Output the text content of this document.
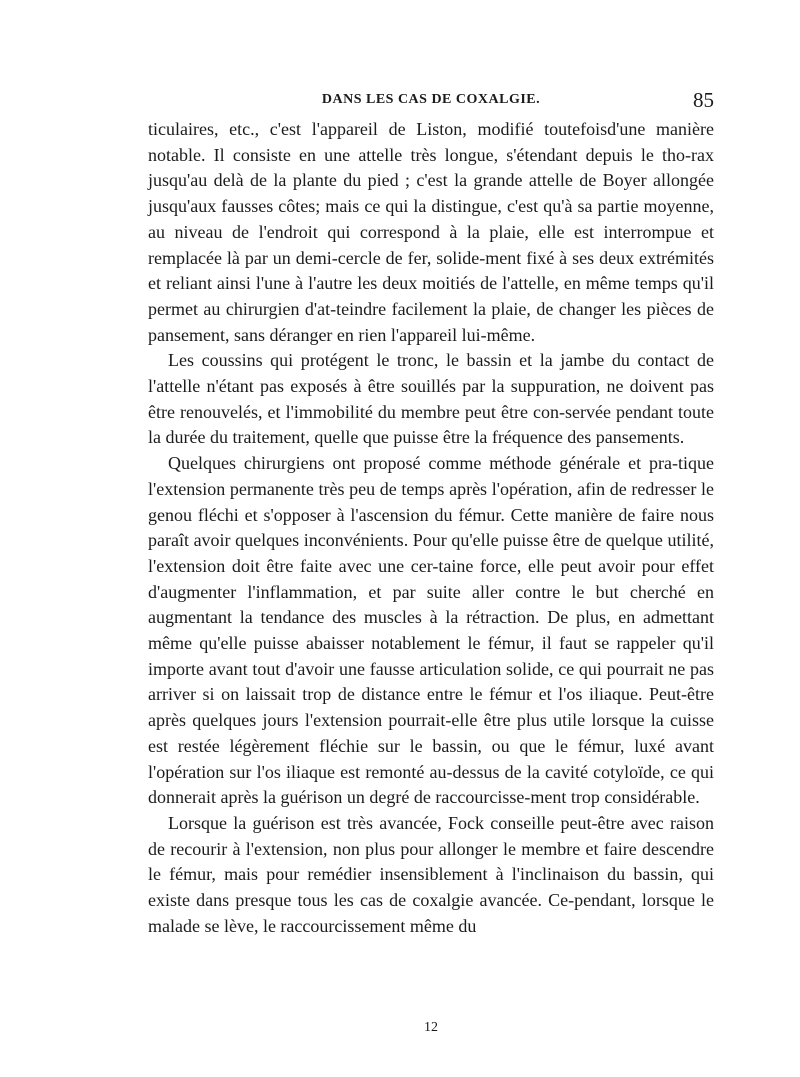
DANS LES CAS DE COXALGIE.	85

ticulaires, etc., c'est l'appareil de Liston, modifié toutefoisd'une manière notable. Il consiste en une attelle très longue, s'étendant depuis le tho-rax jusqu'au delà de la plante du pied ; c'est la grande attelle de Boyer allongée jusqu'aux fausses côtes; mais ce qui la distingue, c'est qu'à sa partie moyenne, au niveau de l'endroit qui correspond à la plaie, elle est interrompue et remplacée là par un demi-cercle de fer, solide-ment fixé à ses deux extrémités et reliant ainsi l'une à l'autre les deux moitiés de l'attelle, en même temps qu'il permet au chirurgien d'at-teindre facilement la plaie, de changer les pièces de pansement, sans déranger en rien l'appareil lui-même.

Les coussins qui protégent le tronc, le bassin et la jambe du contact de l'attelle n'étant pas exposés à être souillés par la suppuration, ne doivent pas être renouvelés, et l'immobilité du membre peut être con-servée pendant toute la durée du traitement, quelle que puisse être la fréquence des pansements.

Quelques chirurgiens ont proposé comme méthode générale et pra-tique l'extension permanente très peu de temps après l'opération, afin de redresser le genou fléchi et s'opposer à l'ascension du fémur. Cette manière de faire nous paraît avoir quelques inconvénients. Pour qu'elle puisse être de quelque utilité, l'extension doit être faite avec une cer-taine force, elle peut avoir pour effet d'augmenter l'inflammation, et par suite aller contre le but cherché en augmentant la tendance des muscles à la rétraction. De plus, en admettant même qu'elle puisse abaisser notablement le fémur, il faut se rappeler qu'il importe avant tout d'avoir une fausse articulation solide, ce qui pourrait ne pas arriver si on laissait trop de distance entre le fémur et l'os iliaque. Peut-être après quelques jours l'extension pourrait-elle être plus utile lorsque la cuisse est restée légèrement fléchie sur le bassin, ou que le fémur, luxé avant l'opération sur l'os iliaque est remonté au-dessus de la cavité cotyloïde, ce qui donnerait après la guérison un degré de raccourcisse-ment trop considérable.

Lorsque la guérison est très avancée, Fock conseille peut-être avec raison de recourir à l'extension, non plus pour allonger le membre et faire descendre le fémur, mais pour remédier insensiblement à l'inclinaison du bassin, qui existe dans presque tous les cas de coxalgie avancée. Ce-pendant, lorsque le malade se lève, le raccourcissement même du

12
